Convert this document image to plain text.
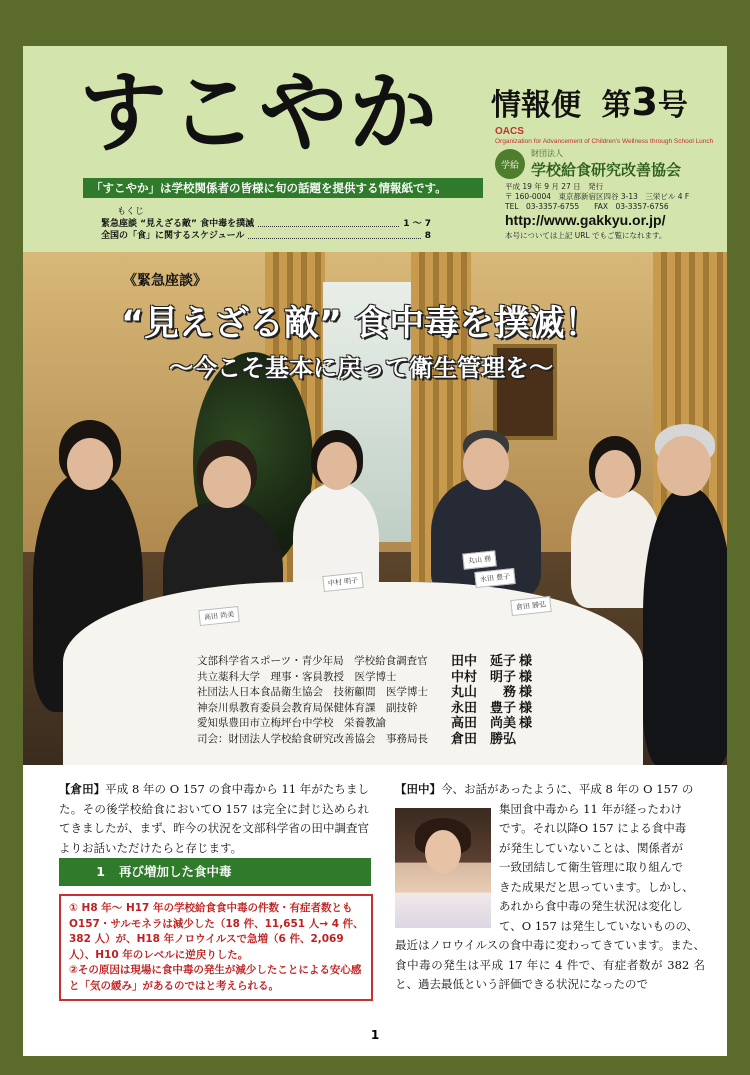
すこやか 情報便 第3号
OACS
Organization for Advancement of Children's Wellness through School Lunch
学給
財団法人
学校給食研究改善協会
平成 19 年 9 月 27 日　発行
〒 160-0004　東京都新宿区四谷 3-13　三栄ビル 4 F
TEL　03-3357-6755　　FAX　03-3357-6756
http://www.gakkyu.or.jp/
本号については上記 URL でもご覧になれます。
「すこやか」は学校関係者の皆様に旬の話題を提供する情報紙です。
もくじ
緊急座談 “見えざる敵” 食中毒を撲滅	1 〜 7
全国の「食」に関するスケジュール	8
高田 尚美
中村 明子
丸山 務
永田 豊子
倉田 勝弘
《緊急座談》
“見えざる敵” 食中毒を撲滅！
〜今こそ基本に戻って衛生管理を〜
文部科学省スポーツ・青少年局　学校給食調査官	田中　延子 様
共立薬科大学　理事・客員教授　医学博士	中村　明子 様
社団法人日本食品衛生協会　技術顧問　医学博士	丸山　　務 様
神奈川県教育委員会教育局保健体育課　副技幹	永田　豊子 様
愛知県豊田市立梅坪台中学校　栄養教諭	高田　尚美 様
司会：財団法人学校給食研究改善協会　事務局長	倉田　勝弘
【倉田】平成 8 年の O 157 の食中毒から 11 年がたちました。その後学校給食においてO 157 は完全に封じ込められてきましたが、まず、昨今の状況を文部科学省の田中調査官よりお話いただけたらと存じます。
1 再び増加した食中毒

① H8 年〜 H17 年の学校給食食中毒の件数・有症者数とも O157・サルモネラは減少した（18 件、11,651 人→ 4 件、382 人）が、H18 年ノロウイルスで急増（6 件、2,069 人）、H10 年のレベルに逆戻りした。

②その原因は現場に食中毒の発生が減少したことによる安心感と「気の緩み」があるのではと考えられる。

【田中】今、お話があったように、平成 8 年の O 157 の
集団食中毒から 11 年が経ったわけ
です。それ以降O 157 による食中毒
が発生していないことは、関係者が
一致団結して衛生管理に取り組んで
きた成果だと思っています。しかし、
あれから食中毒の発生状況は変化し
て、O 157 は発生していないものの、
最近はノロウイルスの食中毒に変わってきています。また、食中毒の発生は平成 17 年に 4 件で、有症者数が 382 名と、過去最低という評価できる状況になったので
1
